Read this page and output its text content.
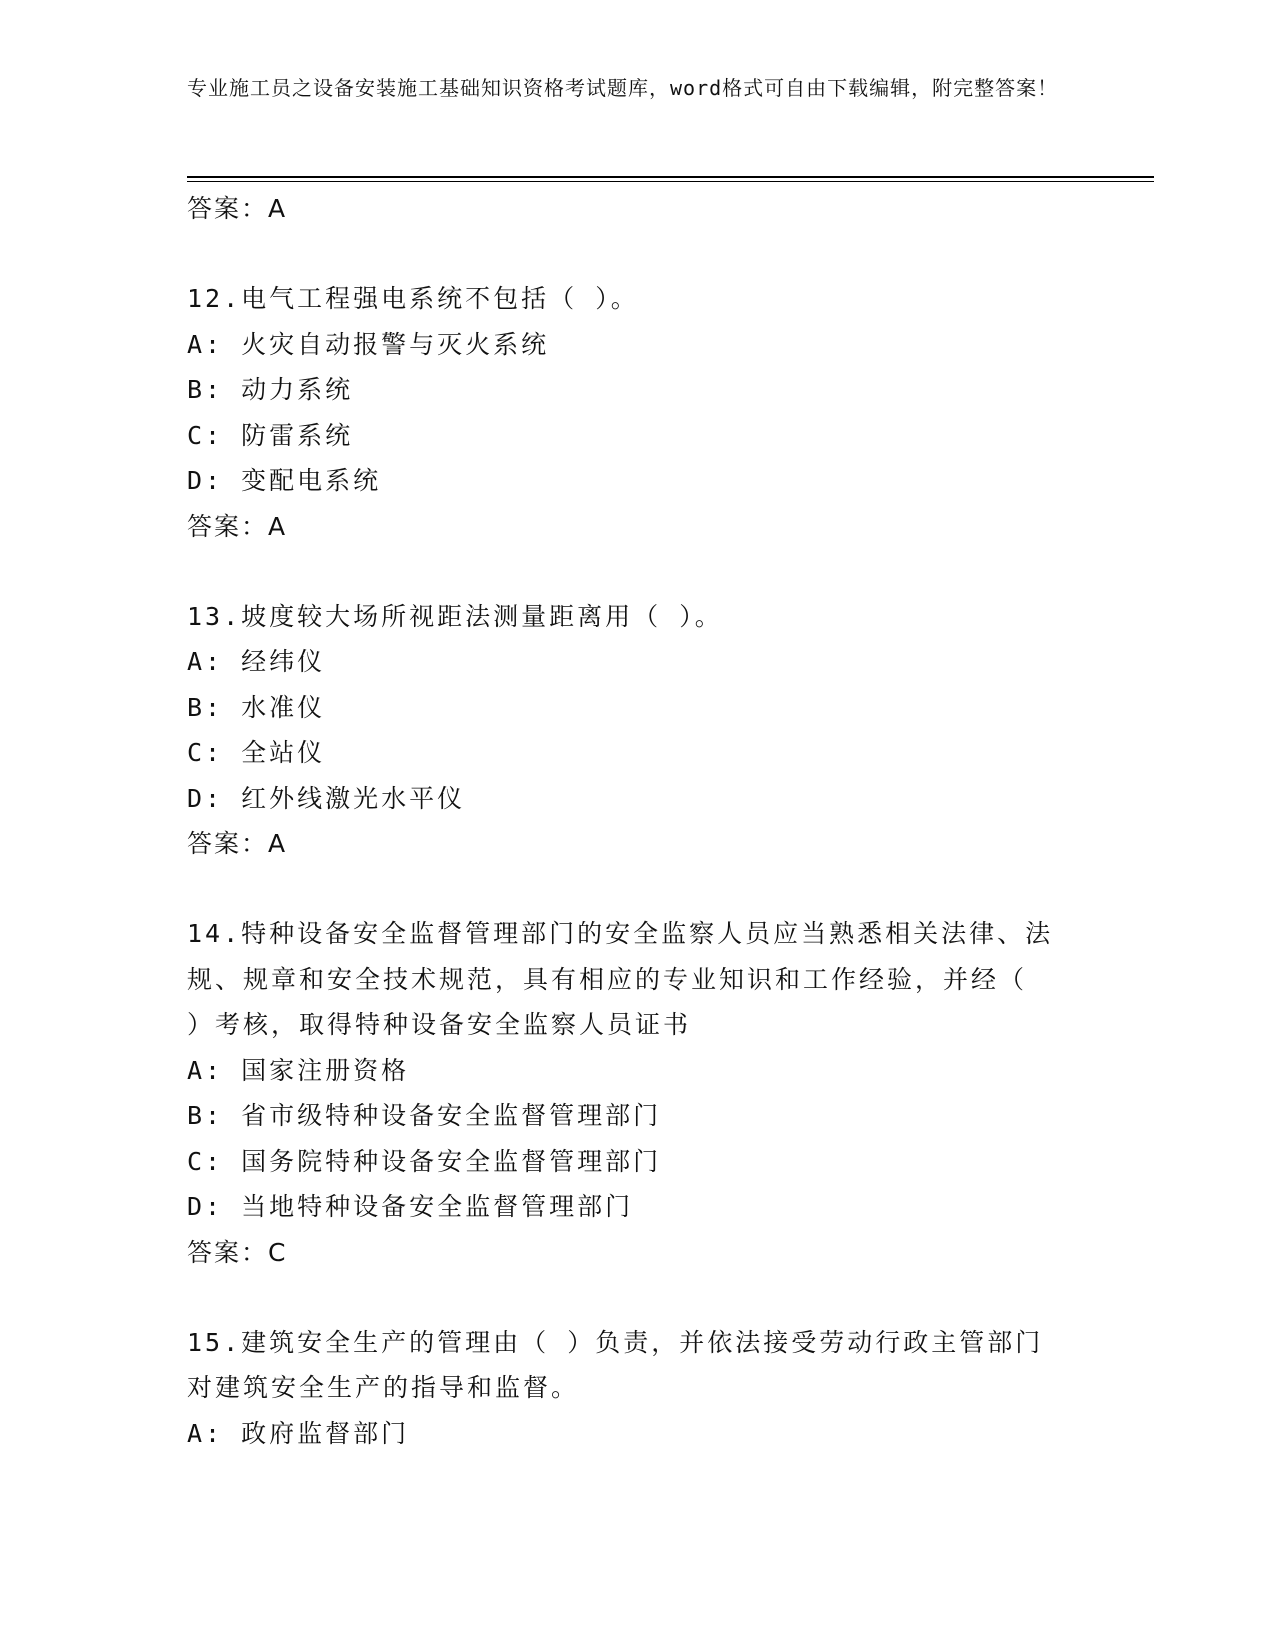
专业施工员之设备安装施工基础知识资格考试题库，word格式可自由下载编辑，附完整答案！
答案：A
12.电气工程强电系统不包括（ ）。
A: 火灾自动报警与灭火系统
B: 动力系统
C: 防雷系统
D: 变配电系统
答案：A
13.坡度较大场所视距法测量距离用（ ）。
A: 经纬仪
B: 水准仪
C: 全站仪
D: 红外线激光水平仪
答案：A
14.特种设备安全监督管理部门的安全监察人员应当熟悉相关法律、法规、规章和安全技术规范，具有相应的专业知识和工作经验，并经（ ）考核，取得特种设备安全监察人员证书
A: 国家注册资格
B: 省市级特种设备安全监督管理部门
C: 国务院特种设备安全监督管理部门
D: 当地特种设备安全监督管理部门
答案：C
15.建筑安全生产的管理由（ ）负责，并依法接受劳动行政主管部门对建筑安全生产的指导和监督。
A: 政府监督部门
